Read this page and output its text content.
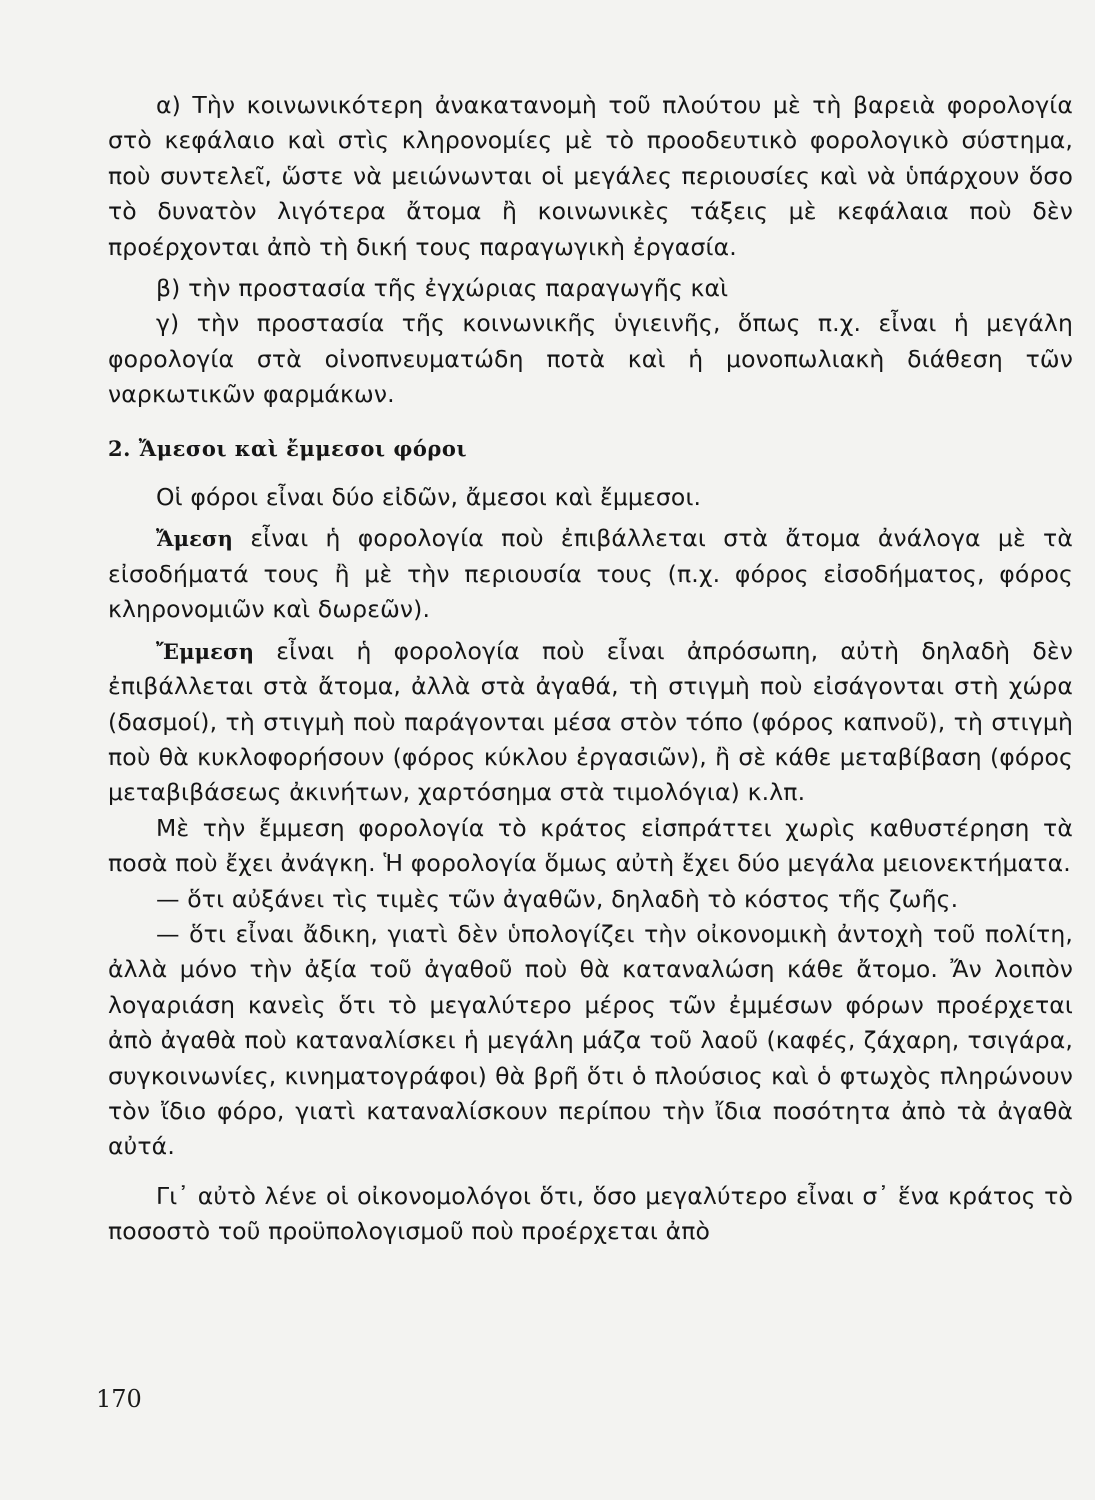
α) Τὴν κοινωνικότερη ἀνακατανομὴ τοῦ πλούτου μὲ τὴ βαρειὰ φορολογία στὸ κεφάλαιο καὶ στὶς κληρονομίες μὲ τὸ προοδευτικὸ φορολογικὸ σύστημα, ποὺ συντελεῖ, ὥστε νὰ μειώνωνται οἱ μεγάλες περιουσίες καὶ νὰ ὑπάρχουν ὅσο τὸ δυνατὸν λιγότερα ἄτομα ἢ κοινωνικὲς τάξεις μὲ κεφάλαια ποὺ δὲν προέρχονται ἀπὸ τὴ δική τους παραγωγικὴ ἐργασία.

β) τὴν προστασία τῆς ἐγχώριας παραγωγῆς καὶ

γ) τὴν προστασία τῆς κοινωνικῆς ὑγιεινῆς, ὅπως π.χ. εἶναι ἡ μεγάλη φορολογία στὰ οἰνοπνευματώδη ποτὰ καὶ ἡ μονοπωλιακὴ διάθεση τῶν ναρκωτικῶν φαρμάκων.

2. Ἄμεσοι καὶ ἔμμεσοι φόροι

Οἱ φόροι εἶναι δύο εἰδῶν, ἄμεσοι καὶ ἔμμεσοι.

Ἄμεση εἶναι ἡ φορολογία ποὺ ἐπιβάλλεται στὰ ἄτομα ἀνάλογα μὲ τὰ εἰσοδήματά τους ἢ μὲ τὴν περιουσία τους (π.χ. φόρος εἰσοδήματος, φόρος κληρονομιῶν καὶ δωρεῶν).

Ἔμμεση εἶναι ἡ φορολογία ποὺ εἶναι ἀπρόσωπη, αὐτὴ δηλαδὴ δὲν ἐπιβάλλεται στὰ ἄτομα, ἀλλὰ στὰ ἀγαθά, τὴ στιγμὴ ποὺ εἰσάγονται στὴ χώρα (δασμοί), τὴ στιγμὴ ποὺ παράγονται μέσα στὸν τόπο (φόρος καπνοῦ), τὴ στιγμὴ ποὺ θὰ κυκλοφορήσουν (φόρος κύκλου ἐργασιῶν), ἢ σὲ κάθε μεταβίβαση (φόρος μεταβιβάσεως ἀκινήτων, χαρτόσημα στὰ τιμολόγια) κ.λπ.

Μὲ τὴν ἔμμεση φορολογία τὸ κράτος εἰσπράττει χωρὶς καθυστέρηση τὰ ποσὰ ποὺ ἔχει ἀνάγκη. Ἡ φορολογία ὅμως αὐτὴ ἔχει δύο μεγάλα μειονεκτήματα.

— ὅτι αὐξάνει τὶς τιμὲς τῶν ἀγαθῶν, δηλαδὴ τὸ κόστος τῆς ζωῆς.

— ὅτι εἶναι ἄδικη, γιατὶ δὲν ὑπολογίζει τὴν οἰκονομικὴ ἀντοχὴ τοῦ πολίτη, ἀλλὰ μόνο τὴν ἀξία τοῦ ἀγαθοῦ ποὺ θὰ καταναλώση κάθε ἄτομο. Ἄν λοιπὸν λογαριάση κανεὶς ὅτι τὸ μεγαλύτερο μέρος τῶν ἐμμέσων φόρων προέρχεται ἀπὸ ἀγαθὰ ποὺ καταναλίσκει ἡ μεγάλη μάζα τοῦ λαοῦ (καφές, ζάχαρη, τσιγάρα, συγκοινωνίες, κινηματογράφοι) θὰ βρῆ ὅτι ὁ πλούσιος καὶ ὁ φτωχὸς πληρώνουν τὸν ἴδιο φόρο, γιατὶ καταναλίσκουν περίπου τὴν ἴδια ποσότητα ἀπὸ τὰ ἀγαθὰ αὐτά.

Γι᾿ αὐτὸ λένε οἱ οἰκονομολόγοι ὅτι, ὅσο μεγαλύτερο εἶναι σ᾿ ἕνα κράτος τὸ ποσοστὸ τοῦ προϋπολογισμοῦ ποὺ προέρχεται ἀπὸ

170
